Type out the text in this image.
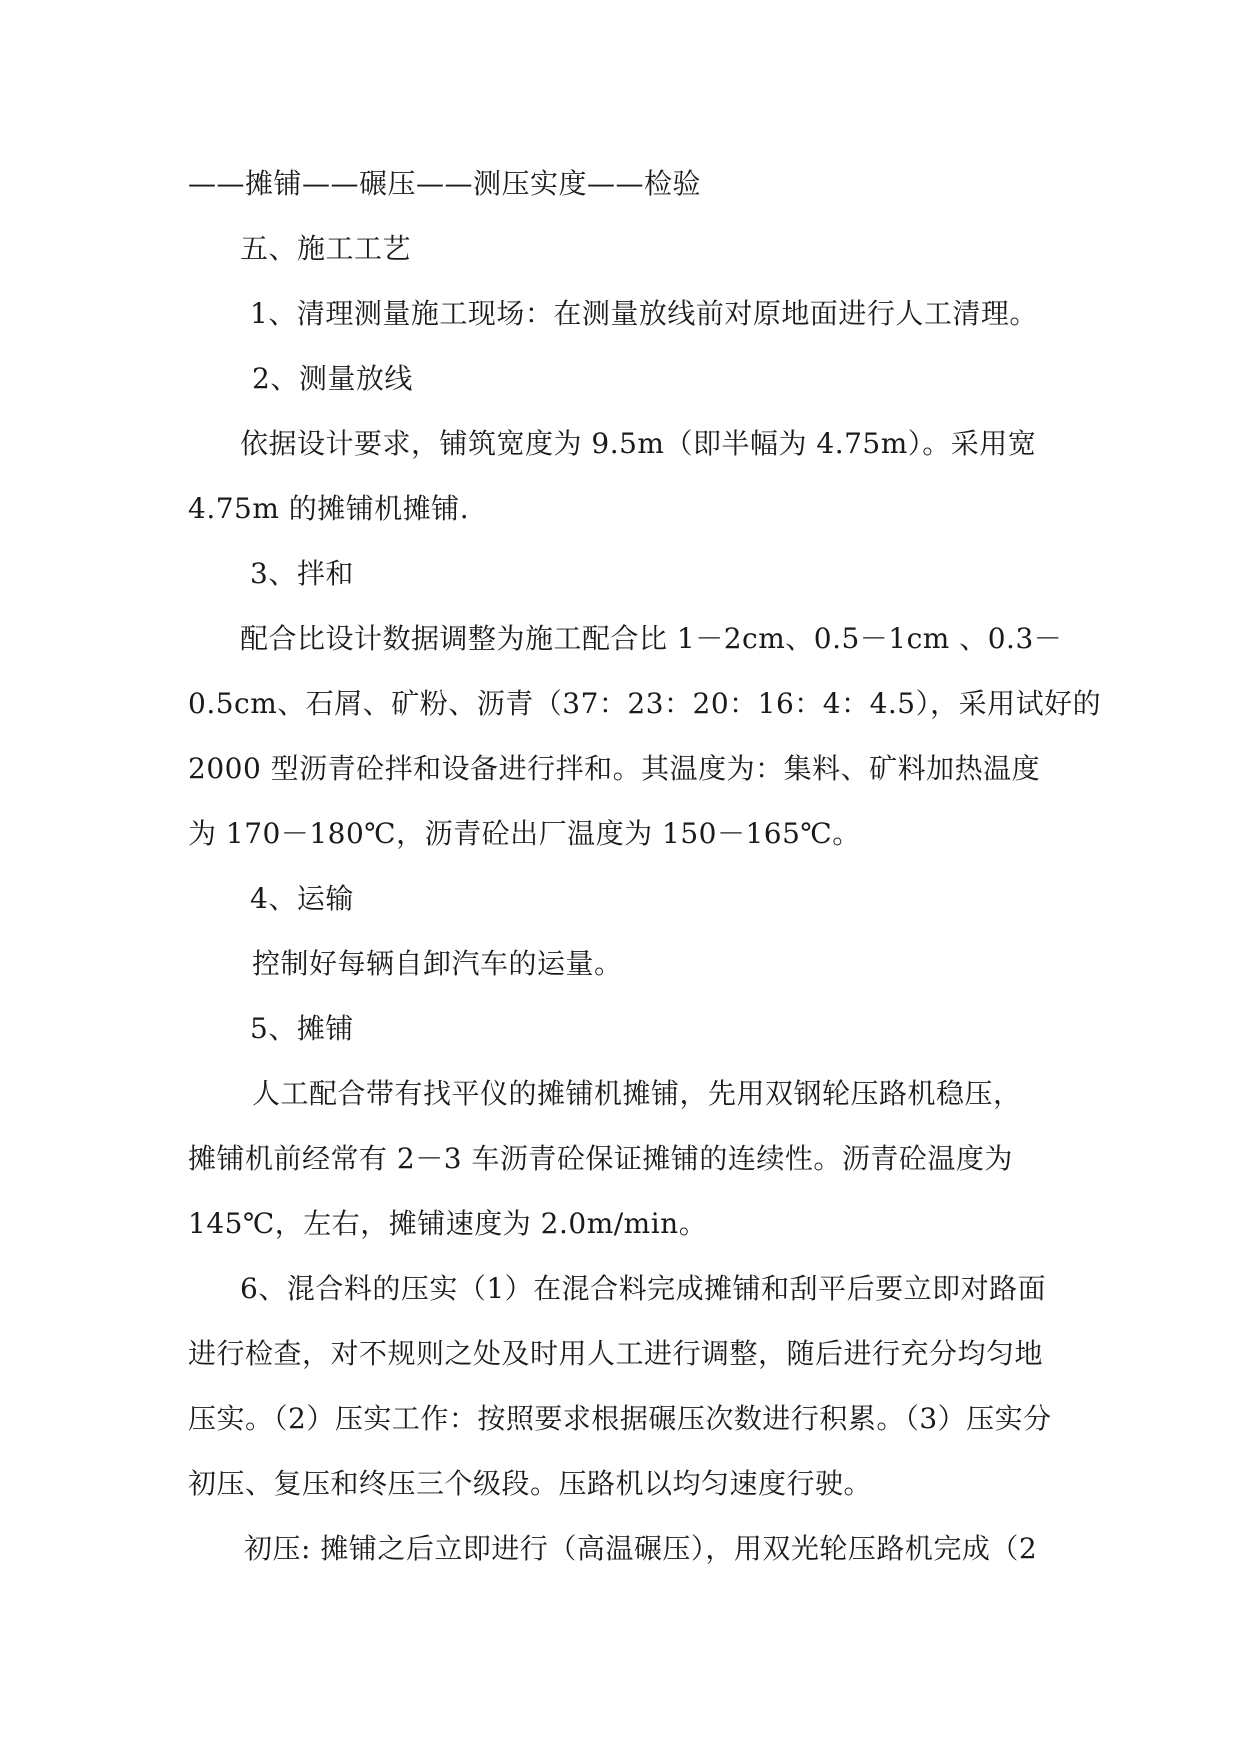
——摊铺——碾压——测压实度——检验
五、施工工艺
1、清理测量施工现场：在测量放线前对原地面进行人工清理。
2、测量放线
依据设计要求，铺筑宽度为 9.5m（即半幅为 4.75m）。采用宽
4.75m 的摊铺机摊铺.
3、拌和
配合比设计数据调整为施工配合比 1－2cm、0.5－1cm 、0.3－
0.5cm、石屑、矿粉、沥青（37：23：20：16：4：4.5），采用试好的
2000 型沥青砼拌和设备进行拌和。其温度为：集料、矿料加热温度
为 170－180℃，沥青砼出厂温度为 150－165℃。
4、运输
控制好每辆自卸汽车的运量。
5、摊铺
人工配合带有找平仪的摊铺机摊铺，先用双钢轮压路机稳压，
摊铺机前经常有 2－3 车沥青砼保证摊铺的连续性。沥青砼温度为
145℃，左右，摊铺速度为 2.0m/min。
6、混合料的压实（1）在混合料完成摊铺和刮平后要立即对路面
进行检查，对不规则之处及时用人工进行调整，随后进行充分均匀地
压实。（2）压实工作：按照要求根据碾压次数进行积累。（3）压实分
初压、复压和终压三个级段。压路机以均匀速度行驶。
初压: 摊铺之后立即进行（高温碾压），用双光轮压路机完成（2
